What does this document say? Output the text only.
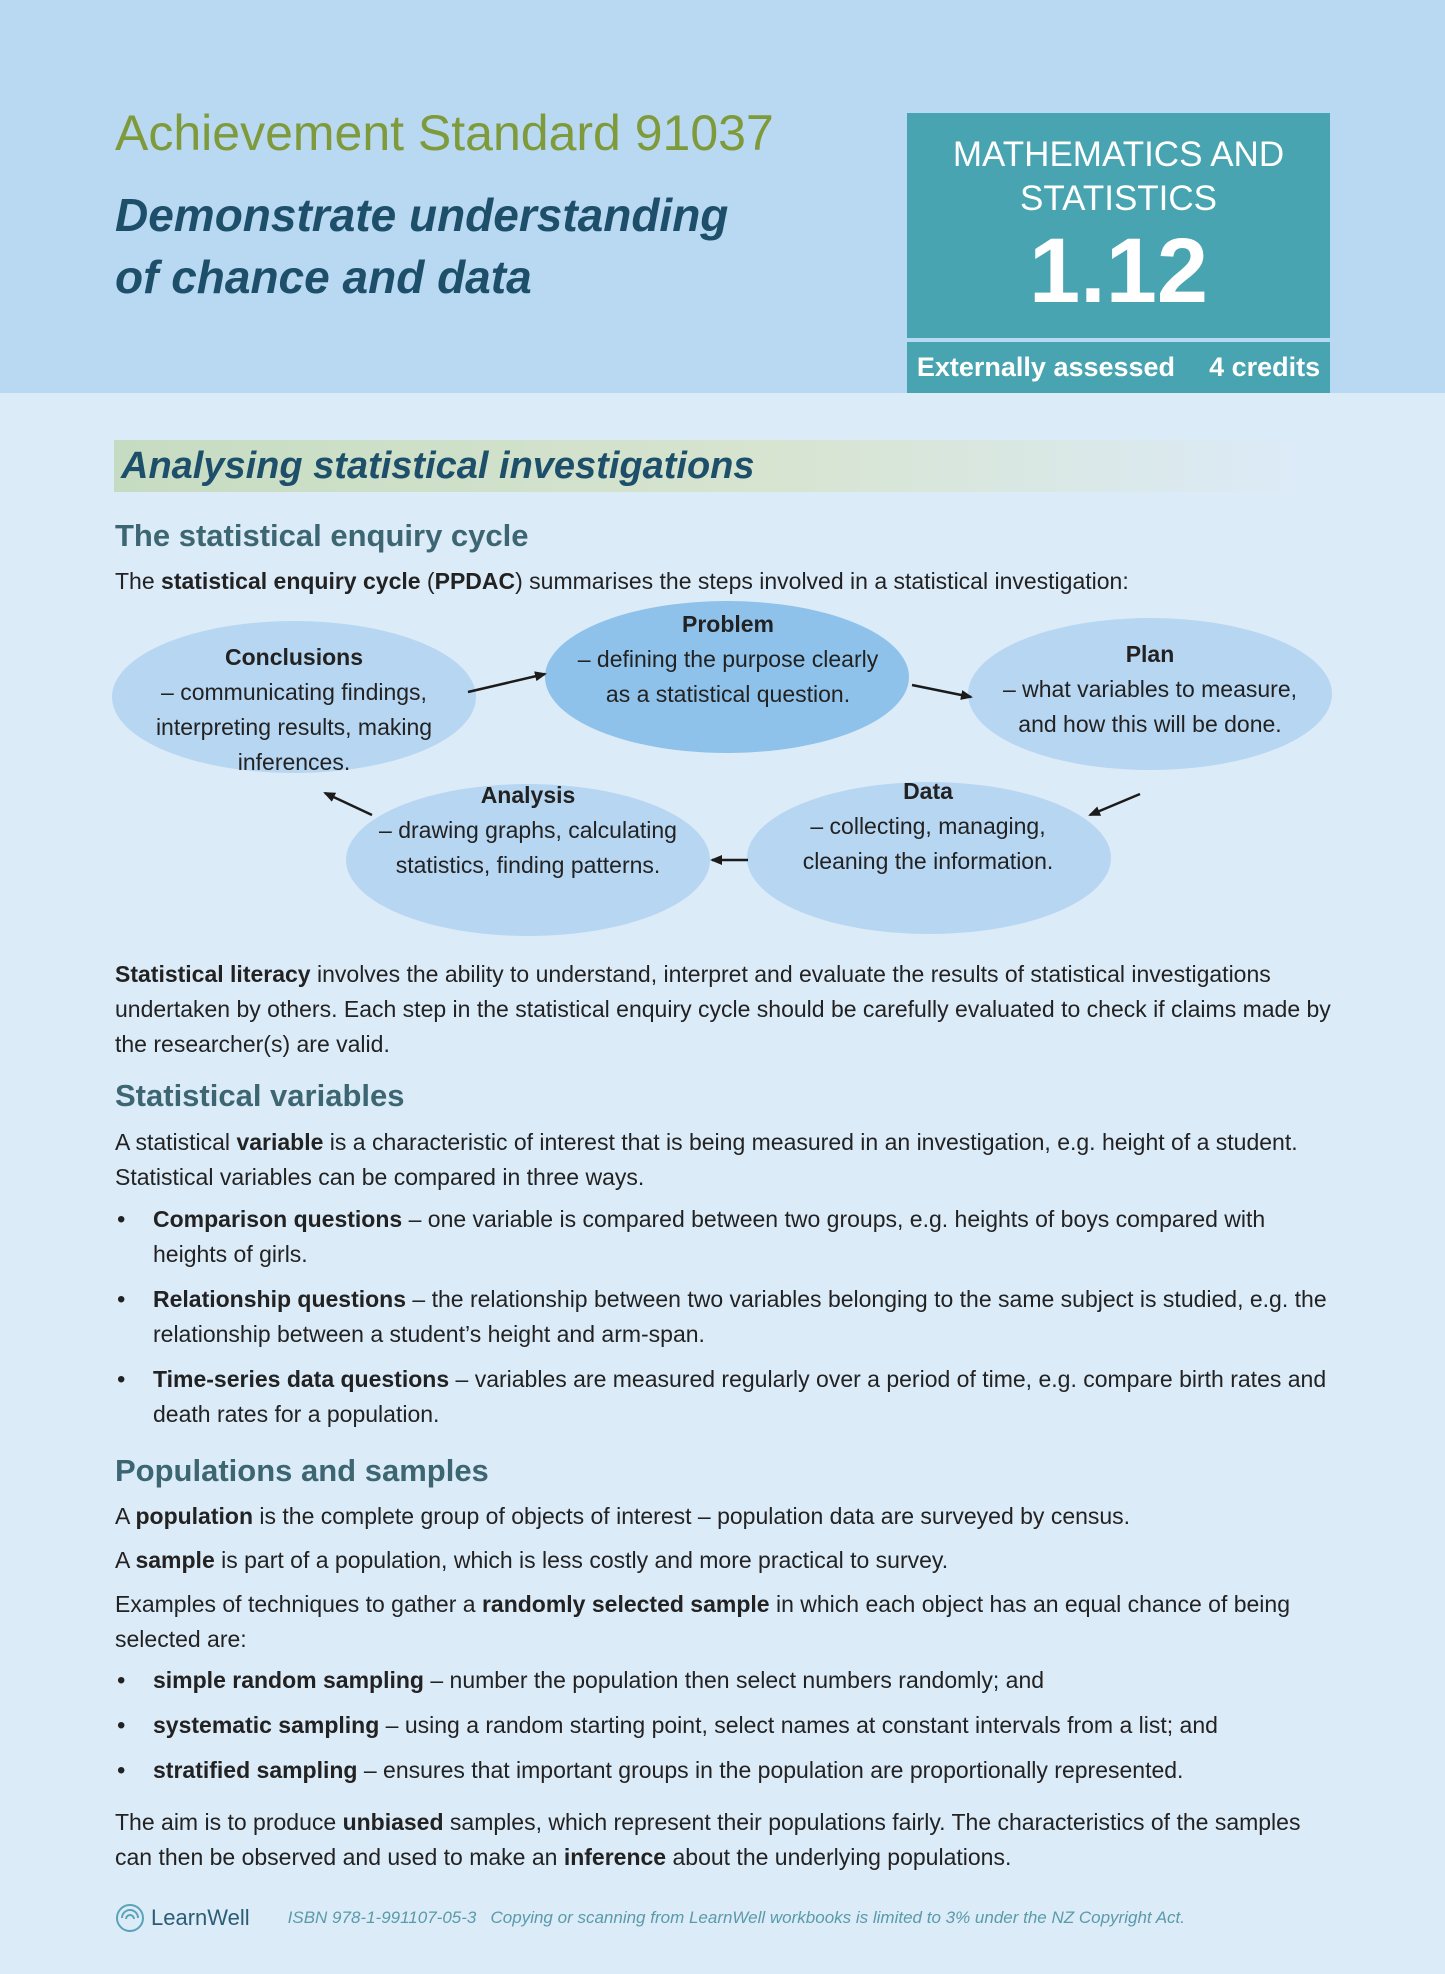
Achievement Standard 91037
Demonstrate understanding
of chance and data
MATHEMATICS AND
STATISTICS
1.12
Externally assessed 4 credits
Analysing statistical investigations
The statistical enquiry cycle

The statistical enquiry cycle (PPDAC) summarises the steps involved in a statistical investigation:

Problem
– defining the purpose clearly as a statistical question.
Conclusions
– communicating findings, interpreting results, making inferences.
Plan
– what variables to measure, and how this will be done.
Data
– collecting, managing, cleaning the information.
Analysis
– drawing graphs, calculating statistics, finding patterns.

Statistical literacy involves the ability to understand, interpret and evaluate the results of statistical investigations undertaken by others. Each step in the statistical enquiry cycle should be carefully evaluated to check if claims made by the researcher(s) are valid.

Statistical variables

A statistical variable is a characteristic of interest that is being measured in an investigation, e.g. height of a student. Statistical variables can be compared in three ways.

• Comparison questions – one variable is compared between two groups, e.g. heights of boys compared with heights of girls.
• Relationship questions – the relationship between two variables belonging to the same subject is studied, e.g. the relationship between a student’s height and arm-span.
• Time-series data questions – variables are measured regularly over a period of time, e.g. compare birth rates and death rates for a population.
Populations and samples

A population is the complete group of objects of interest – population data are surveyed by census.

A sample is part of a population, which is less costly and more practical to survey.

Examples of techniques to gather a randomly selected sample in which each object has an equal chance of being selected are:

• simple random sampling – number the population then select numbers randomly; and
• systematic sampling – using a random starting point, select names at constant intervals from a list; and
• stratified sampling – ensures that important groups in the population are proportionally represented.

The aim is to produce unbiased samples, which represent their populations fairly. The characteristics of the samples can then be observed and used to make an inference about the underlying populations.

LearnWell ISBN 978-1-991107-05-3   Copying or scanning from LearnWell workbooks is limited to 3% under the NZ Copyright Act.
